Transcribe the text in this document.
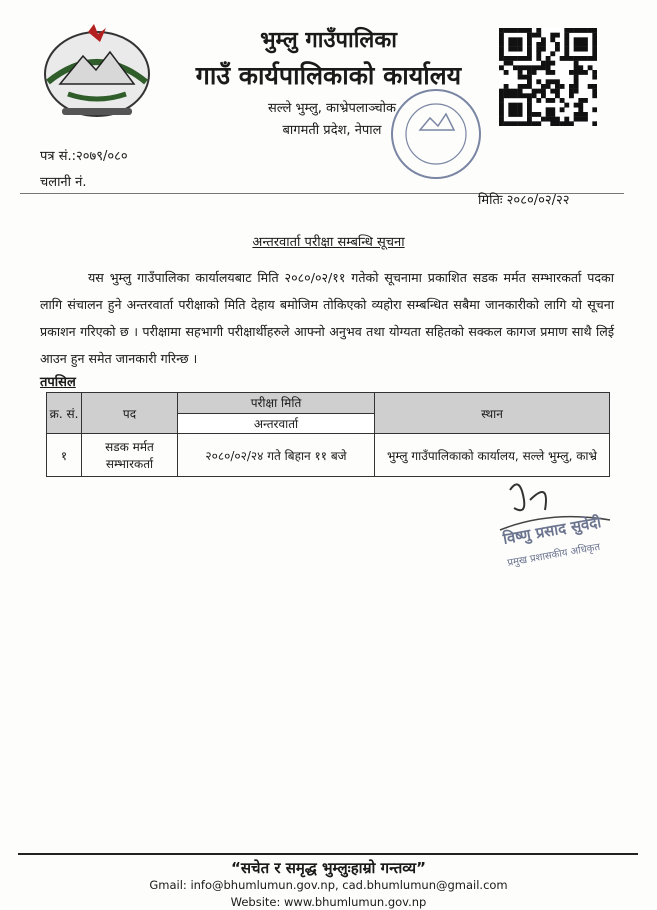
भुम्लु गाउँपालिका
गाउँ कार्यपालिकाको कार्यालय
सल्ले भुम्लु, काभ्रेपलाञ्चोक
बागमती प्रदेश, नेपाल
पत्र सं.:२०७९/०८०
चलानी नं.
मितिः २०८०/०२/२२
अन्तरवार्ता परीक्षा सम्बन्धि सूचना
यस भुम्लु गाउँपालिका कार्यालयबाट मिति २०८०/०२/११ गतेको सूचनामा प्रकाशित सडक मर्मत सम्भारकर्ता पदका लागि संचालन हुने अन्तरवार्ता परीक्षाको मिति देहाय बमोजिम तोकिएको व्यहोरा सम्बन्धित सबैमा जानकारीको लागि यो सूचना प्रकाशन गरिएको छ । परीक्षामा सहभागी परीक्षार्थीहरुले आफ्नो अनुभव तथा योग्यता सहितको सक्कल कागज प्रमाण साथै लिई आउन हुन समेत जानकारी गरिन्छ ।
तपसिल
क्र. सं.	पद	परीक्षा मिति	स्थान
		अन्तरवार्ता	
१	सडक मर्मत सम्भारकर्ता	२०८०/०२/२४ गते बिहान ११ बजे	भुम्लु गाउँपालिकाको कार्यालय, सल्ले भुम्लु, काभ्रे
विष्णु प्रसाद सुवेदी
प्रमुख प्रशासकीय अधिकृत
“सचेत र समृद्ध भुम्लुःहाम्रो गन्तव्य”
Gmail: info@bhumlumun.gov.np, cad.bhumlumun@gmail.com
Website: www.bhumlumun.gov.np
